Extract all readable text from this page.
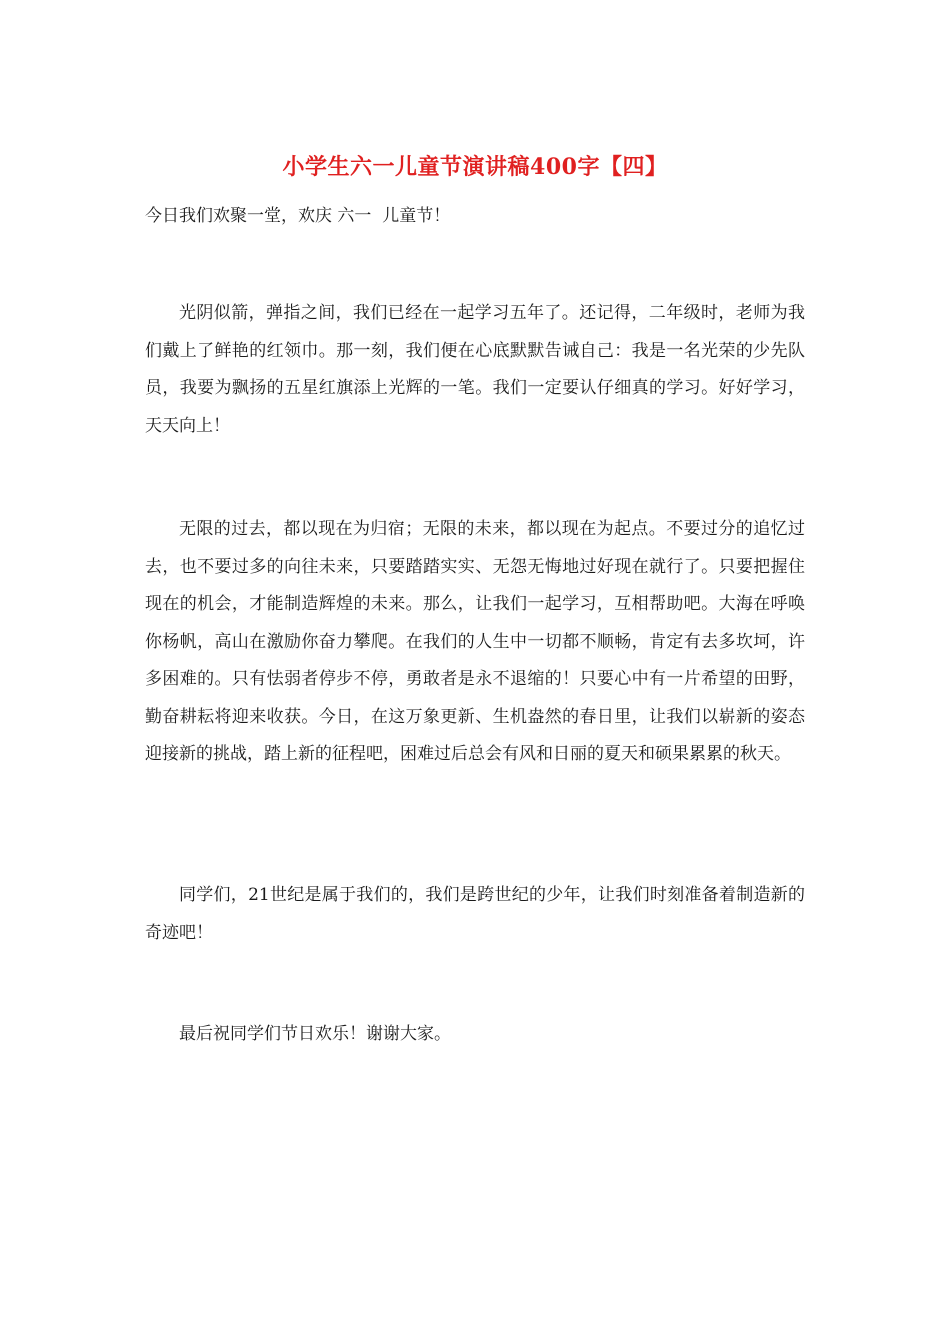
小学生六一儿童节演讲稿400字【四】

今日我们欢聚一堂，欢庆 六一  儿童节！

光阴似箭，弹指之间，我们已经在一起学习五年了。还记得，二年级时，老师为我们戴上了鲜艳的红领巾。那一刻，我们便在心底默默告诫自己：我是一名光荣的少先队员，我要为飘扬的五星红旗添上光辉的一笔。我们一定要认仔细真的学习。好好学习，天天向上！

无限的过去，都以现在为归宿；无限的未来，都以现在为起点。不要过分的追忆过去，也不要过多的向往未来，只要踏踏实实、无怨无悔地过好现在就行了。只要把握住现在的机会，才能制造辉煌的未来。那么，让我们一起学习，互相帮助吧。大海在呼唤你杨帆，高山在激励你奋力攀爬。在我们的人生中一切都不顺畅，肯定有去多坎坷，许多困难的。只有怯弱者停步不停，勇敢者是永不退缩的！只要心中有一片希望的田野，勤奋耕耘将迎来收获。今日，在这万象更新、生机盎然的春日里，让我们以崭新的姿态迎接新的挑战，踏上新的征程吧，困难过后总会有风和日丽的夏天和硕果累累的秋天。

同学们，21世纪是属于我们的，我们是跨世纪的少年，让我们时刻准备着制造新的奇迹吧！

最后祝同学们节日欢乐！谢谢大家。
